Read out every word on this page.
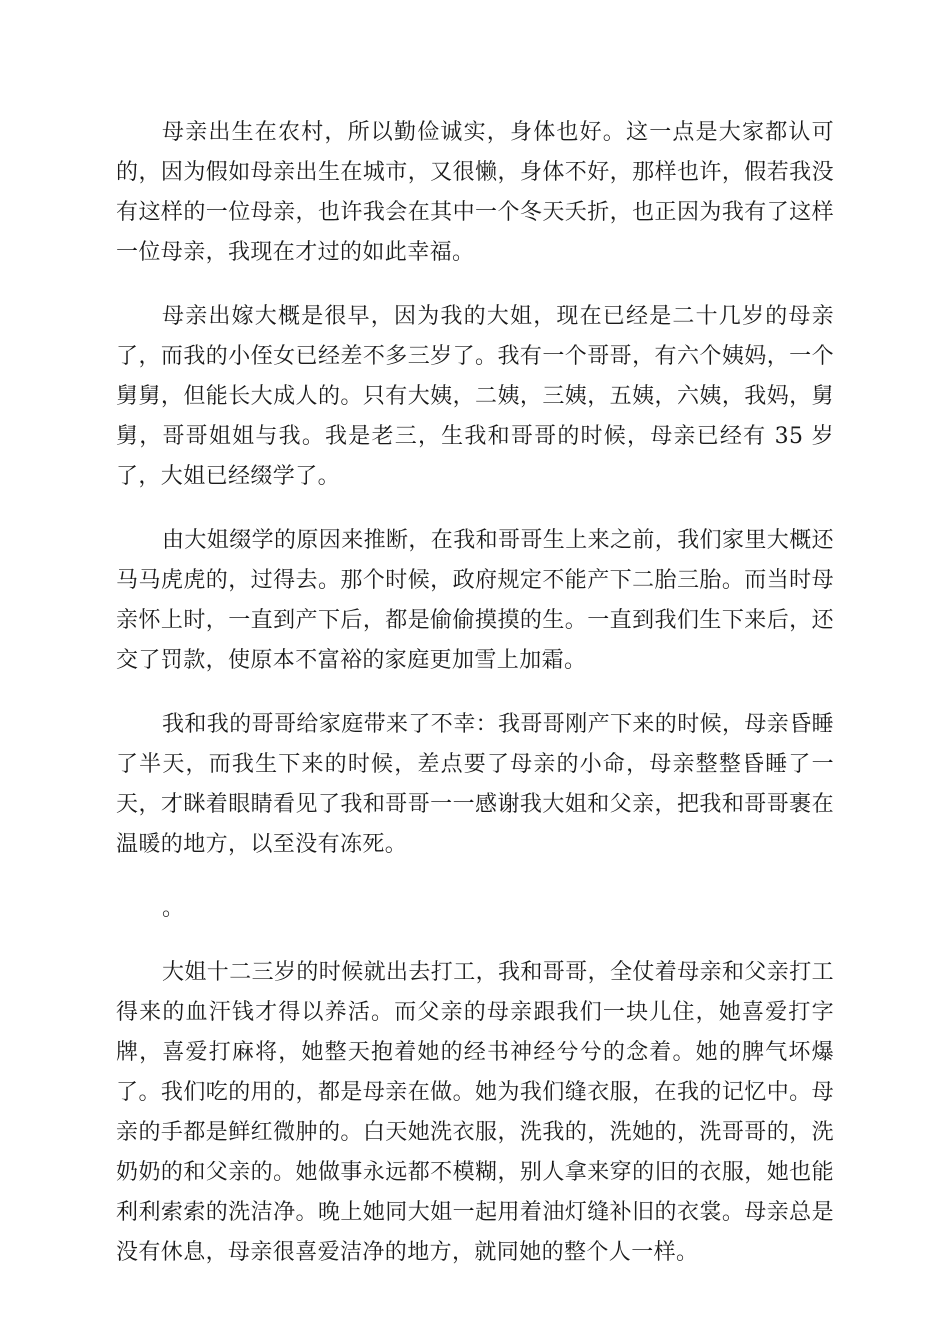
母亲出生在农村，所以勤俭诚实，身体也好。这一点是大家都认可的，因为假如母亲出生在城市，又很懒，身体不好，那样也许，假若我没有这样的一位母亲，也许我会在其中一个冬天夭折，也正因为我有了这样一位母亲，我现在才过的如此幸福。

母亲出嫁大概是很早，因为我的大姐，现在已经是二十几岁的母亲了，而我的小侄女已经差不多三岁了。我有一个哥哥，有六个姨妈，一个舅舅，但能长大成人的。只有大姨，二姨，三姨，五姨，六姨，我妈，舅舅，哥哥姐姐与我。我是老三，生我和哥哥的时候，母亲已经有 35 岁了，大姐已经缀学了。

由大姐缀学的原因来推断，在我和哥哥生上来之前，我们家里大概还马马虎虎的，过得去。那个时候，政府规定不能产下二胎三胎。而当时母亲怀上时，一直到产下后，都是偷偷摸摸的生。一直到我们生下来后，还交了罚款，使原本不富裕的家庭更加雪上加霜。

我和我的哥哥给家庭带来了不幸：我哥哥刚产下来的时候，母亲昏睡了半天，而我生下来的时候，差点要了母亲的小命，母亲整整昏睡了一天，才眯着眼睛看见了我和哥哥一一感谢我大姐和父亲，把我和哥哥裹在温暖的地方，以至没有冻死。

。

大姐十二三岁的时候就出去打工，我和哥哥，全仗着母亲和父亲打工得来的血汗钱才得以养活。而父亲的母亲跟我们一块儿住，她喜爱打字牌，喜爱打麻将，她整天抱着她的经书神经兮兮的念着。她的脾气坏爆了。我们吃的用的，都是母亲在做。她为我们缝衣服，在我的记忆中。母亲的手都是鲜红微肿的。白天她洗衣服，洗我的，洗她的，洗哥哥的，洗奶奶的和父亲的。她做事永远都不模糊，别人拿来穿的旧的衣服，她也能利利索索的洗洁净。晚上她同大姐一起用着油灯缝补旧的衣裳。母亲总是没有休息，母亲很喜爱洁净的地方，就同她的整个人一样。
